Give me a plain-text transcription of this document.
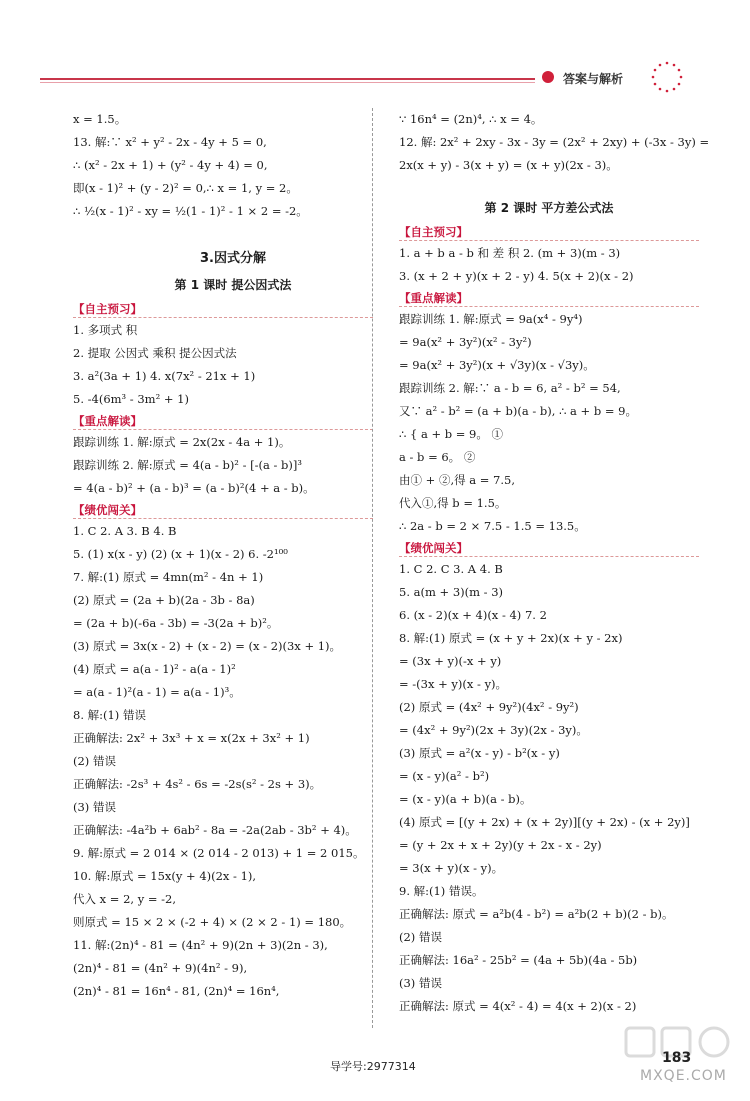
答案与解析
x = 1.5。
13. 解:∵ x² + y² - 2x - 4y + 5 = 0,
∴ (x² - 2x + 1) + (y² - 4y + 4) = 0,
即(x - 1)² + (y - 2)² = 0,∴ x = 1, y = 2。
∴ ½(x - 1)² - xy = ½(1 - 1)² - 1 × 2 = -2。
3.因式分解
第 1 课时 提公因式法
【自主预习】
1. 多项式 积
2. 提取 公因式 乘积 提公因式法
3. a²(3a + 1) 4. x(7x² - 21x + 1)
5. -4(6m³ - 3m² + 1)
【重点解读】
跟踪训练 1. 解:原式 = 2x(2x - 4a + 1)。
跟踪训练 2. 解:原式 = 4(a - b)² - [-(a - b)]³
= 4(a - b)² + (a - b)³ = (a - b)²(4 + a - b)。
【绩优闯关】
1. C 2. A 3. B 4. B
5. (1) x(x - y) (2) (x + 1)(x - 2) 6. -2¹⁰⁰
7. 解:(1) 原式 = 4mn(m² - 4n + 1)
(2) 原式 = (2a + b)(2a - 3b - 8a)
= (2a + b)(-6a - 3b) = -3(2a + b)²。
(3) 原式 = 3x(x - 2) + (x - 2) = (x - 2)(3x + 1)。
(4) 原式 = a(a - 1)² - a(a - 1)²
= a(a - 1)²(a - 1) = a(a - 1)³。
8. 解:(1) 错误
正确解法: 2x² + 3x³ + x = x(2x + 3x² + 1)
(2) 错误
正确解法: -2s³ + 4s² - 6s = -2s(s² - 2s + 3)。
(3) 错误
正确解法: -4a²b + 6ab² - 8a = -2a(2ab - 3b² + 4)。
9. 解:原式 = 2 014 × (2 014 - 2 013) + 1 = 2 015。
10. 解:原式 = 15x(y + 4)(2x - 1),
代入 x = 2, y = -2,
则原式 = 15 × 2 × (-2 + 4) × (2 × 2 - 1) = 180。
11. 解:(2n)⁴ - 81 = (4n² + 9)(2n + 3)(2n - 3),
(2n)⁴ - 81 = (4n² + 9)(4n² - 9),
(2n)⁴ - 81 = 16n⁴ - 81, (2n)⁴ = 16n⁴,
∵ 16n⁴ = (2n)⁴, ∴ x = 4。
12. 解: 2x² + 2xy - 3x - 3y = (2x² + 2xy) + (-3x - 3y) =
2x(x + y) - 3(x + y) = (x + y)(2x - 3)。
第 2 课时 平方差公式法
【自主预习】
1. a + b a - b 和 差 积 2. (m + 3)(m - 3)
3. (x + 2 + y)(x + 2 - y) 4. 5(x + 2)(x - 2)
【重点解读】
跟踪训练 1. 解:原式 = 9a(x⁴ - 9y⁴)
= 9a(x² + 3y²)(x² - 3y²)
= 9a(x² + 3y²)(x + √3y)(x - √3y)。
跟踪训练 2. 解:∵ a - b = 6, a² - b² = 54,
又∵ a² - b² = (a + b)(a - b), ∴ a + b = 9。
∴ { a + b = 9。 ①
a - b = 6。 ②
由① + ②,得 a = 7.5,
代入①,得 b = 1.5。
∴ 2a - b = 2 × 7.5 - 1.5 = 13.5。
【绩优闯关】
1. C 2. C 3. A 4. B
5. a(m + 3)(m - 3)
6. (x - 2)(x + 4)(x - 4) 7. 2
8. 解:(1) 原式 = (x + y + 2x)(x + y - 2x)
= (3x + y)(-x + y)
= -(3x + y)(x - y)。
(2) 原式 = (4x² + 9y²)(4x² - 9y²)
= (4x² + 9y²)(2x + 3y)(2x - 3y)。
(3) 原式 = a²(x - y) - b²(x - y)
= (x - y)(a² - b²)
= (x - y)(a + b)(a - b)。
(4) 原式 = [(y + 2x) + (x + 2y)][(y + 2x) - (x + 2y)]
= (y + 2x + x + 2y)(y + 2x - x - 2y)
= 3(x + y)(x - y)。
9. 解:(1) 错误。
正确解法: 原式 = a²b(4 - b²) = a²b(2 + b)(2 - b)。
(2) 错误
正确解法: 16a² - 25b² = (4a + 5b)(4a - 5b)
(3) 错误
正确解法: 原式 = 4(x² - 4) = 4(x + 2)(x - 2)
导学号:2977314
183
MXQE.COM
